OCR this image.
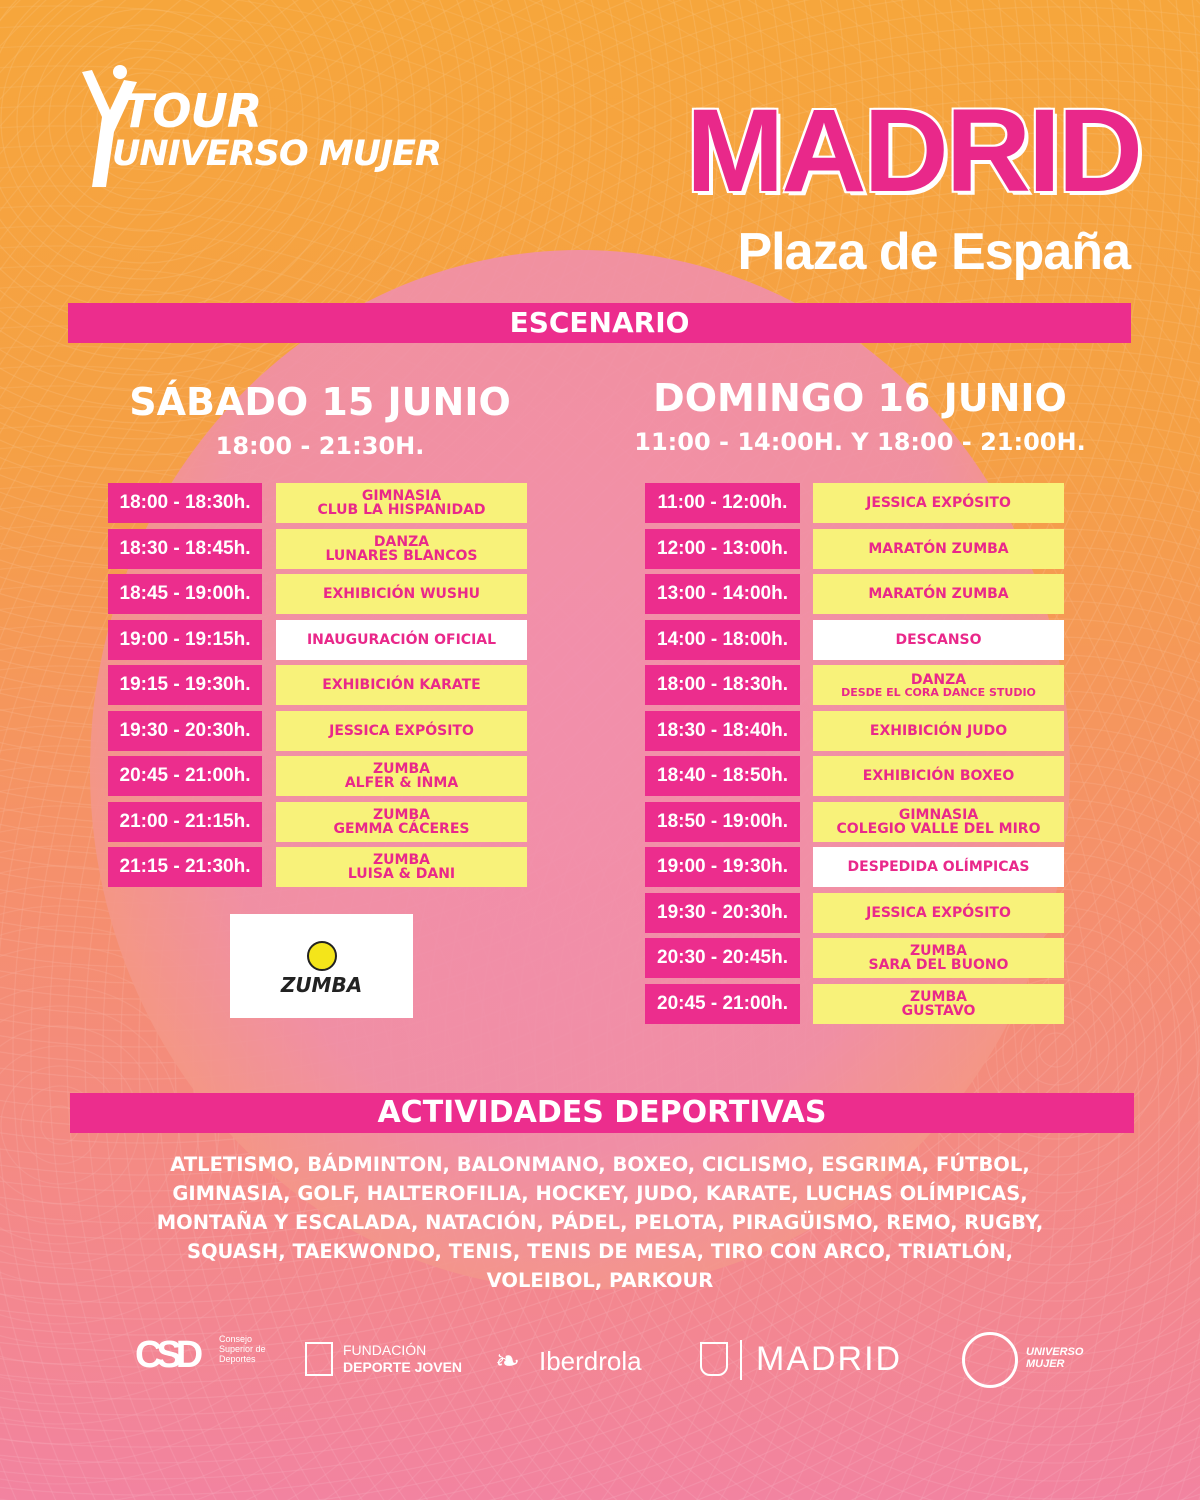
TOUR
UNIVERSO MUJER MADRID
Plaza de España
ESCENARIO
SÁBADO 15 JUNIO
18:00 - 21:30H.
18:00 - 18:30h.	GIMNASIA
CLUB LA HISPANIDAD
18:30 - 18:45h.	DANZA
LUNARES BLANCOS
18:45 - 19:00h.	EXHIBICIÓN WUSHU
19:00 - 19:15h.	INAUGURACIÓN OFICIAL
19:15 - 19:30h.	EXHIBICIÓN KARATE
19:30 - 20:30h.	JESSICA EXPÓSITO
20:45 - 21:00h.	ZUMBA
ALFER & INMA
21:00 - 21:15h.	ZUMBA
GEMMA CÁCERES
21:15 - 21:30h.	ZUMBA
LUISA & DANI
DOMINGO 16 JUNIO
11:00 - 14:00H. Y 18:00 - 21:00H.
11:00 - 12:00h.	JESSICA EXPÓSITO
12:00 - 13:00h.	MARATÓN ZUMBA
13:00 - 14:00h.	MARATÓN ZUMBA
14:00 - 18:00h.	DESCANSO
18:00 - 18:30h.	DANZA
DESDE EL CORA DANCE STUDIO
18:30 - 18:40h.	EXHIBICIÓN JUDO
18:40 - 18:50h.	EXHIBICIÓN BOXEO
18:50 - 19:00h.	GIMNASIA
COLEGIO VALLE DEL MIRO
19:00 - 19:30h.	DESPEDIDA OLÍMPICAS
19:30 - 20:30h.	JESSICA EXPÓSITO
20:30 - 20:45h.	ZUMBA
SARA DEL BUONO
20:45 - 21:00h.	ZUMBA
GUSTAVO
ZUMBA
ACTIVIDADES DEPORTIVAS
ATLETISMO, BÁDMINTON, BALONMANO, BOXEO, CICLISMO, ESGRIMA, FÚTBOL,
GIMNASIA, GOLF, HALTEROFILIA, HOCKEY, JUDO, KARATE, LUCHAS OLÍMPICAS,
MONTAÑA Y ESCALADA, NATACIÓN, PÁDEL, PELOTA, PIRAGÜISMO, REMO, RUGBY,
SQUASH, TAEKWONDO, TENIS, TENIS DE MESA, TIRO CON ARCO, TRIATLÓN,
VOLEIBOL, PARKOUR
CSD Consejo Superior de Deportes
FUNDACIÓN
DEPORTE JOVEN ❧ Iberdrola	MADRID	UNIVERSO
MUJER
